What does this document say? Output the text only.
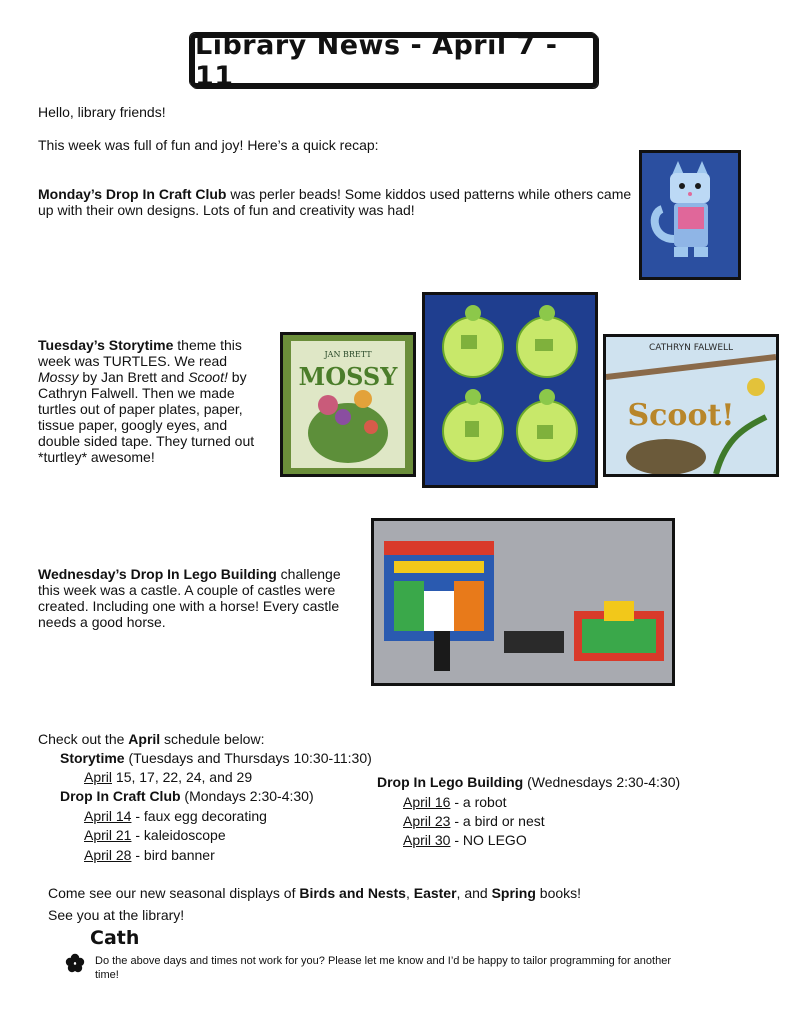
Library News - April 7 - 11
Hello, library friends!
This week was full of fun and joy! Here’s a quick recap:
Monday’s Drop In Craft Club was perler beads! Some kiddos used patterns while others came up with their own designs. Lots of fun and creativity was had!
Tuesday’s Storytime theme this week was TURTLES. We read Mossy by Jan Brett and Scoot! by Cathryn Falwell. Then we made turtles out of paper plates, paper, tissue paper, googly eyes, and double sided tape. They turned out *turtley* awesome!
JAN BRETT
MOSSY
CATHRYN FALWELL
Scoot!
Wednesday’s Drop In Lego Building challenge this week was a castle. A couple of castles were created. Including one with a horse! Every castle needs a good horse.
Check out the April schedule below:
Storytime (Tuesdays and Thursdays 10:30-11:30)
April 15, 17, 22, 24, and 29
Drop In Craft Club (Mondays 2:30-4:30)
April 14 - faux egg decorating
April 21 - kaleidoscope
April 28 - bird banner
Drop In Lego Building (Wednesdays 2:30-4:30)
April 16 - a robot
April 23 - a bird or nest
April 30 - NO LEGO
Come see our new seasonal displays of Birds and Nests, Easter, and Spring books!
See you at the library!
Cath
Do the above days and times not work for you? Please let me know and I’d be happy to tailor programming for another time!
